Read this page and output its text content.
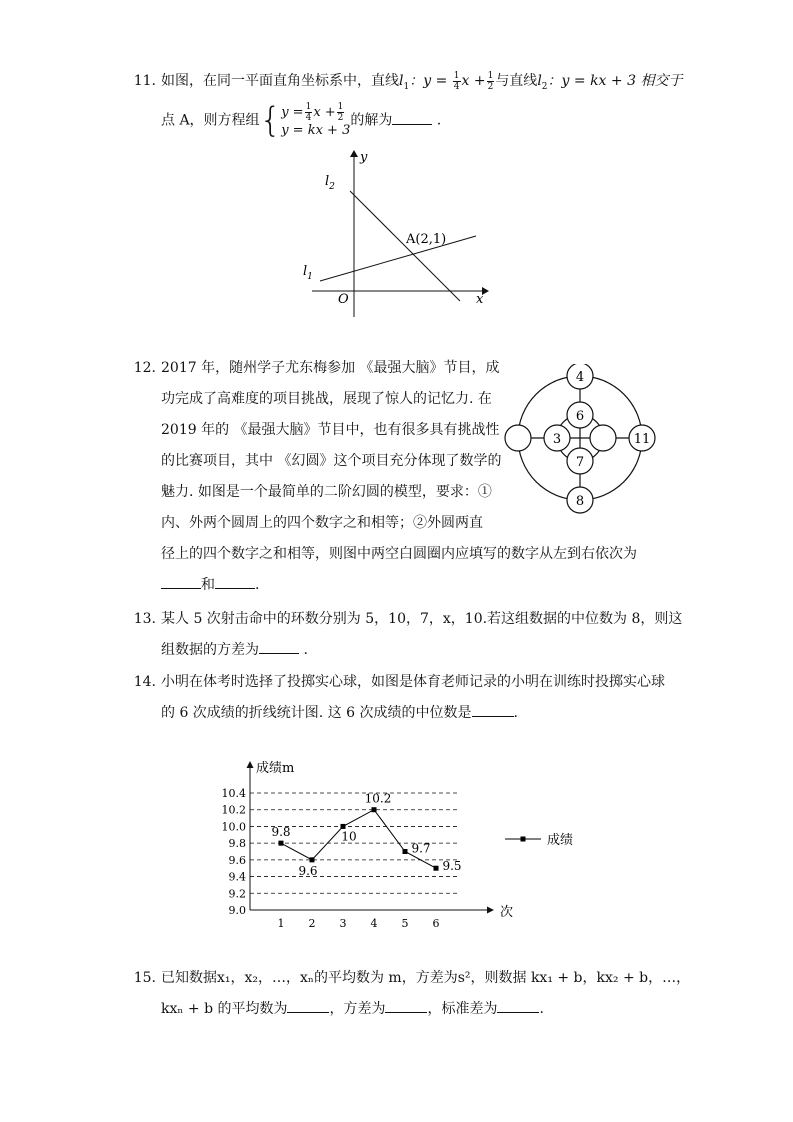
11. 如图，在同一平面直角坐标系中，直线$l_1$：$y = \frac{1}{4}$ $x + \frac{1}{2}$ 与直线$l_2$：y = kx + 3 相交于
点 A，则方程组{$y = \frac{1}{4}$ $x + \frac{1}{2}$

y = kx + 3的解为	.
y
x
O
$l_2$
$l_1$
A(2,1)
12. 2017 年，随州学子尤东梅参加 《最强大脑》节目，成
功完成了高难度的项目挑战，展现了惊人的记忆力. 在
2019 年的 《最强大脑》节目中，也有很多具有挑战性
的比赛项目，其中 《幻圆》这个项目充分体现了数学的
魅力. 如图是一个最简单的二阶幻圆的模型，要求：①
内、外两个圆周上的四个数字之和相等；②外圆两直
径上的四个数字之和相等，则图中两空白圆圈内应填写的数字从左到右依次为
和	.
4
8
11
6
7
3
13. 某人 5 次射击命中的环数分别为 5，10，7，x，10.若这组数据的中位数为 8，则这
组数据的方差为	.
14. 小明在体考时选择了投掷实心球，如图是体育老师记录的小明在训练时投掷实心球
的 6 次成绩的折线统计图. 这 6 次成绩的中位数是	.
9.0
9.2
9.4
9.6
9.8
10.0
10.2
10.4
成绩m
次
1 2 3 4 5 6
9.8
9.6
10
10.2
9.7
9.5
成绩
15. 已知数据x₁，x₂，…，xₙ的平均数为 m，方差为s²，则数据 kx₁ + b，kx₂ + b，…，
kxₙ + b 的平均数为	，方差为	，标准差为	.
